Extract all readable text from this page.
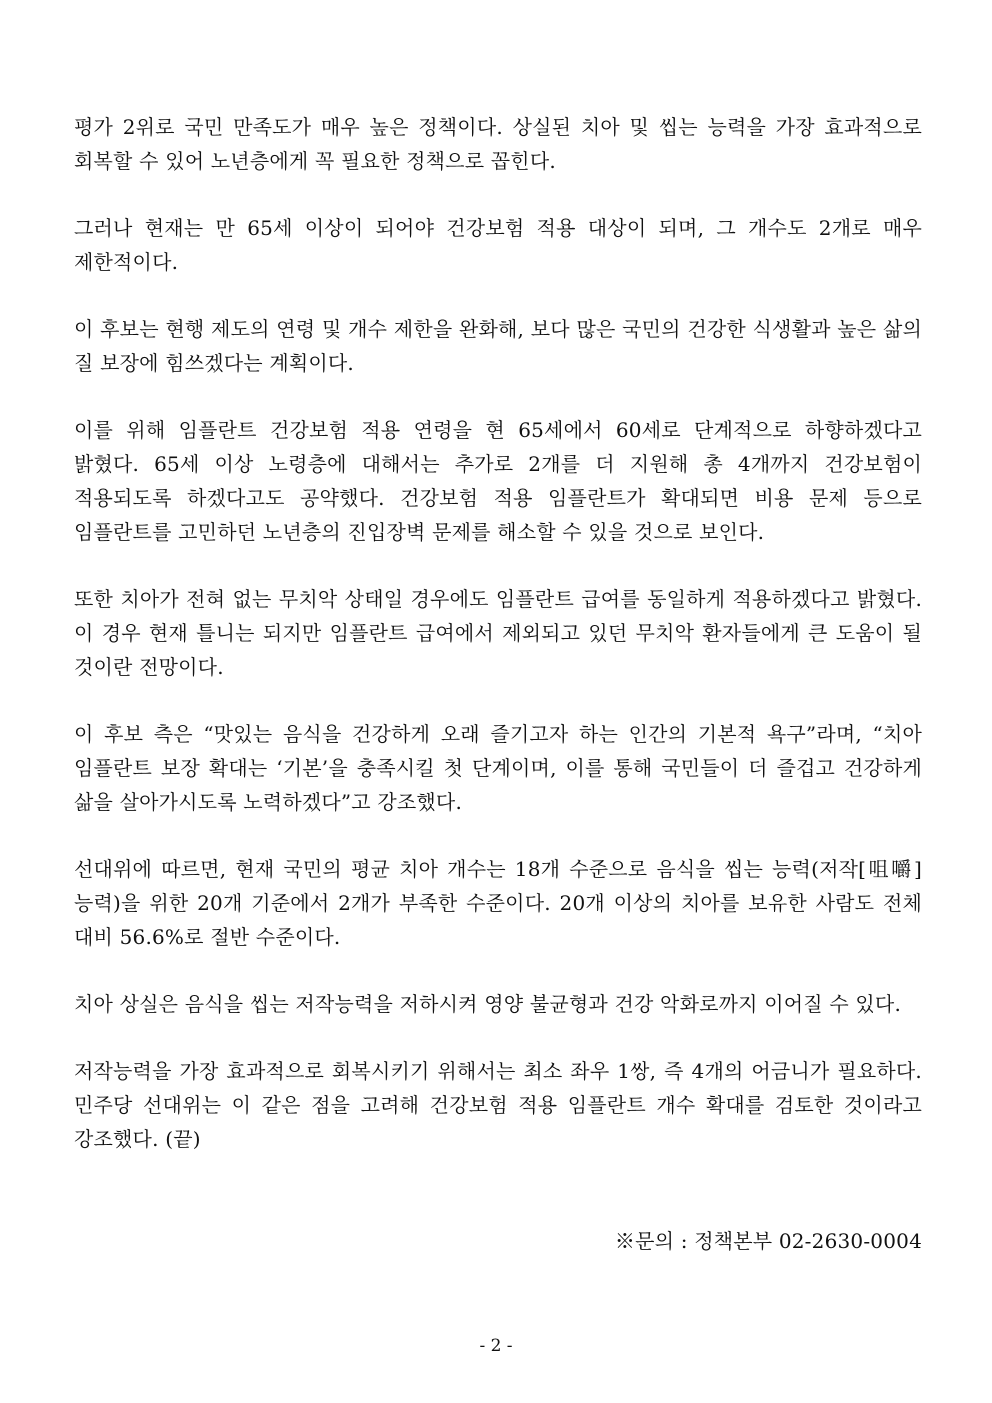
평가 2위로 국민 만족도가 매우 높은 정책이다. 상실된 치아 및 씹는 능력을 가장 효과적으로 회복할 수 있어 노년층에게 꼭 필요한 정책으로 꼽힌다.

그러나 현재는 만 65세 이상이 되어야 건강보험 적용 대상이 되며, 그 개수도 2개로 매우 제한적이다.

이 후보는 현행 제도의 연령 및 개수 제한을 완화해, 보다 많은 국민의 건강한 식생활과 높은 삶의 질 보장에 힘쓰겠다는 계획이다.

이를 위해 임플란트 건강보험 적용 연령을 현 65세에서 60세로 단계적으로 하향하겠다고 밝혔다. 65세 이상 노령층에 대해서는 추가로 2개를 더 지원해 총 4개까지 건강보험이 적용되도록 하겠다고도 공약했다. 건강보험 적용 임플란트가 확대되면 비용 문제 등으로 임플란트를 고민하던 노년층의 진입장벽 문제를 해소할 수 있을 것으로 보인다.

또한 치아가 전혀 없는 무치악 상태일 경우에도 임플란트 급여를 동일하게 적용하겠다고 밝혔다. 이 경우 현재 틀니는 되지만 임플란트 급여에서 제외되고 있던 무치악 환자들에게 큰 도움이 될 것이란 전망이다.

이 후보 측은 “맛있는 음식을 건강하게 오래 즐기고자 하는 인간의 기본적 욕구”라며, “치아 임플란트 보장 확대는 ‘기본’을 충족시킬 첫 단계이며, 이를 통해 국민들이 더 즐겁고 건강하게 삶을 살아가시도록 노력하겠다”고 강조했다.

선대위에 따르면, 현재 국민의 평균 치아 개수는 18개 수준으로 음식을 씹는 능력(저작[咀嚼] 능력)을 위한 20개 기준에서 2개가 부족한 수준이다. 20개 이상의 치아를 보유한 사람도 전체 대비 56.6%로 절반 수준이다.

치아 상실은 음식을 씹는 저작능력을 저하시켜 영양 불균형과 건강 악화로까지 이어질 수 있다.

저작능력을 가장 효과적으로 회복시키기 위해서는 최소 좌우 1쌍, 즉 4개의 어금니가 필요하다. 민주당 선대위는 이 같은 점을 고려해 건강보험 적용 임플란트 개수 확대를 검토한 것이라고 강조했다. (끝)

※문의 : 정책본부 02-2630-0004
- 2 -
